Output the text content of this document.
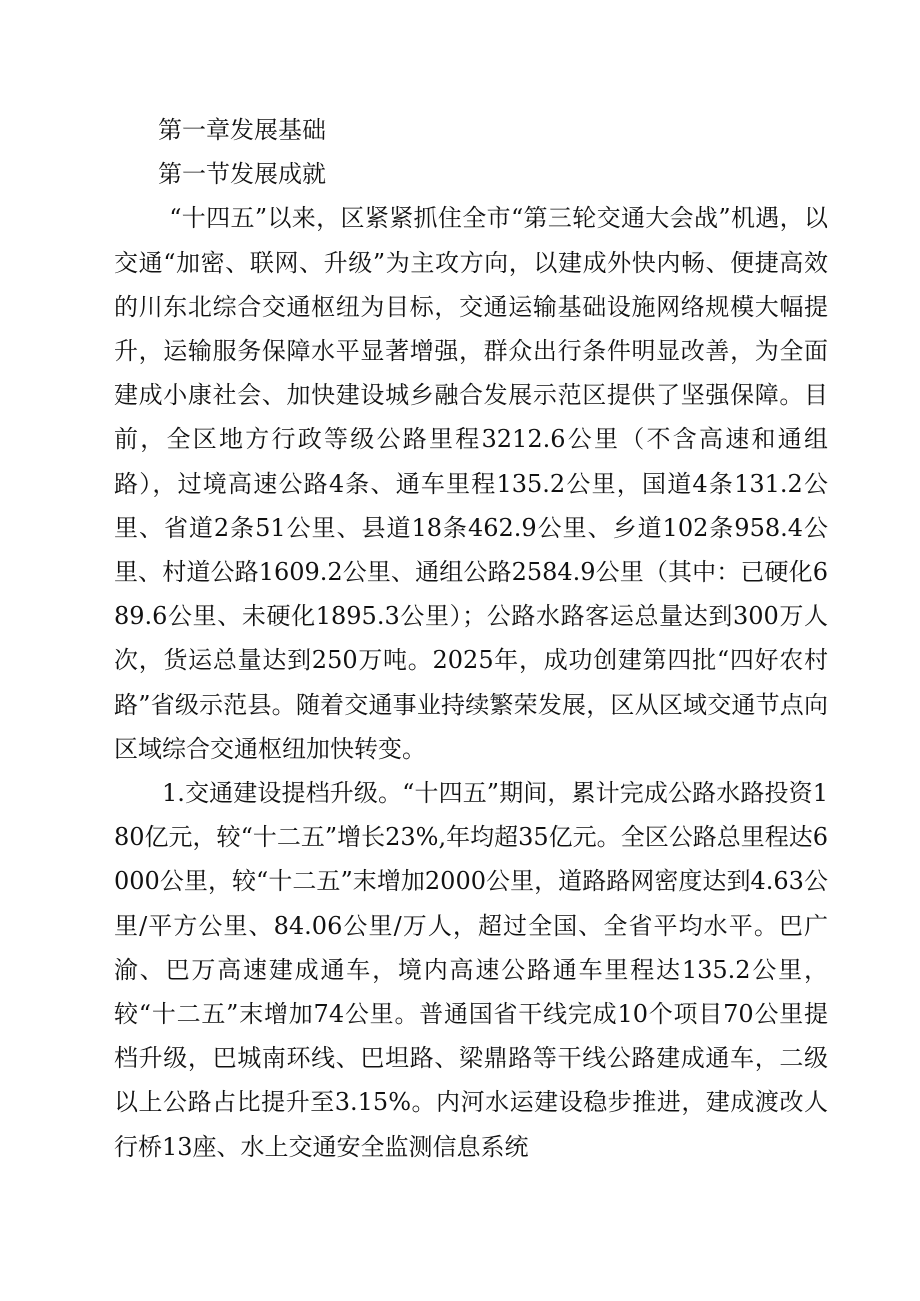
第一章发展基础
第一节发展成就

“十四五”以来，区紧紧抓住全市“第三轮交通大会战”机遇，以交通“加密、联网、升级”为主攻方向，以建成外快内畅、便捷高效的川东北综合交通枢纽为目标，交通运输基础设施网络规模大幅提升，运输服务保障水平显著增强，群众出行条件明显改善，为全面建成小康社会、加快建设城乡融合发展示范区提供了坚强保障。目前，全区地方行政等级公路里程3212.6公里（不含高速和通组路），过境高速公路4条、通车里程135.2公里，国道4条131.2公里、省道2条51公里、县道18条462.9公里、乡道102条958.4公里、村道公路1609.2公里、通组公路2584.9公里（其中：已硬化689.6公里、未硬化1895.3公里）；公路水路客运总量达到300万人次，货运总量达到250万吨。2025年，成功创建第四批“四好农村路”省级示范县。随着交通事业持续繁荣发展，区从区域交通节点向区域综合交通枢纽加快转变。

1.交通建设提档升级。“十四五”期间，累计完成公路水路投资180亿元，较“十二五”增长23%,年均超35亿元。全区公路总里程达6000公里，较“十二五”末增加2000公里，道路路网密度达到4.63公里/平方公里、84.06公里/万人，超过全国、全省平均水平。巴广渝、巴万高速建成通车，境内高速公路通车里程达135.2公里，较“十二五”末增加74公里。普通国省干线完成10个项目70公里提档升级，巴城南环线、巴坦路、梁鼎路等干线公路建成通车，二级以上公路占比提升至3.15%。内河水运建设稳步推进，建成渡改人行桥13座、水上交通安全监测信息系统
